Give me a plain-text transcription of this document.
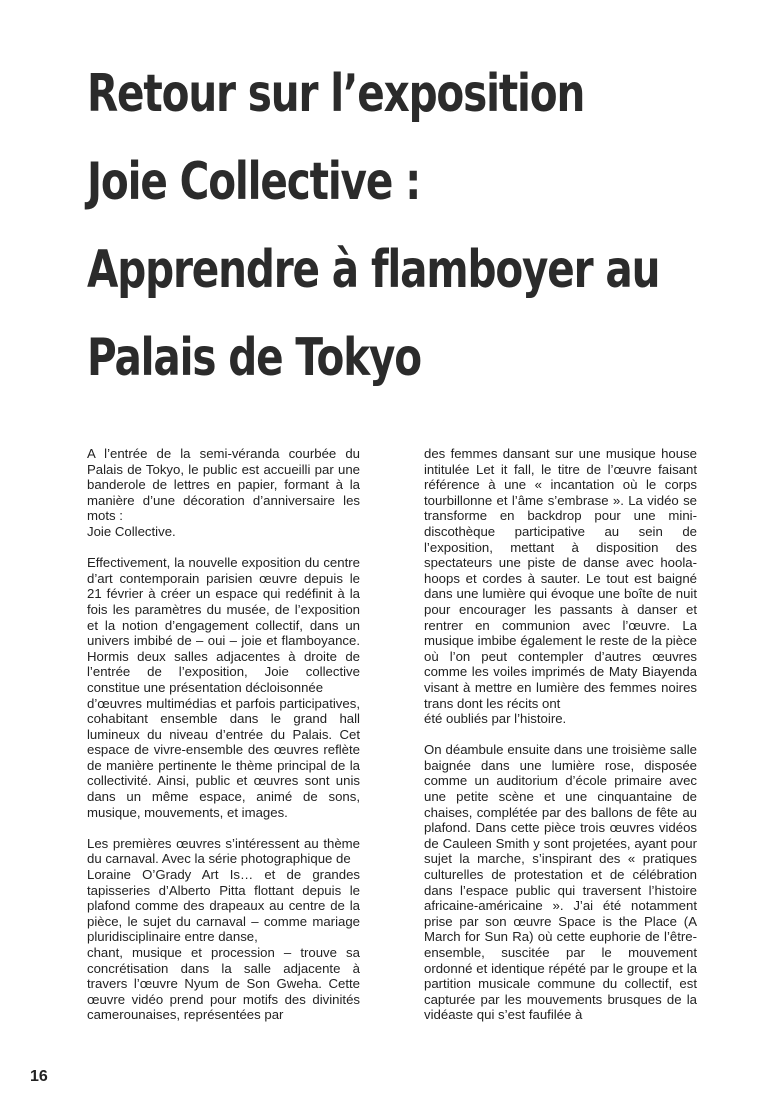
Retour sur l’exposition
Joie Collective :
Apprendre à flamboyer au
Palais de Tokyo

A l’entrée de la semi-véranda courbée du Palais de Tokyo, le public est accueilli par une banderole de lettres en papier, formant à la manière d’une décoration d’anniversaire les mots :
Joie Collective.

Effectivement, la nouvelle exposition du centre d’art contemporain parisien œuvre depuis le 21 février à créer un espace qui redéfinit à la fois les paramètres du musée, de l’exposition et la notion d’engagement collectif, dans un univers imbibé de – oui – joie et flamboyance. Hormis deux salles adjacentes à droite de l’entrée de l’exposition, Joie collective constitue une présentation décloisonnée
d’œuvres multimédias et parfois participatives, cohabitant ensemble dans le grand hall lumineux du niveau d’entrée du Palais. Cet espace de vivre-ensemble des œuvres reflète de manière pertinente le thème principal de la collectivité. Ainsi, public et œuvres sont unis dans un même espace, animé de sons, musique, mouvements, et images.

Les premières œuvres s’intéressent au thème du carnaval. Avec la série photographique de
Loraine O’Grady Art Is… et de grandes tapisseries d’Alberto Pitta flottant depuis le plafond comme des drapeaux au centre de la pièce, le sujet du carnaval – comme mariage pluridisciplinaire entre danse,
chant, musique et procession – trouve sa concrétisation dans la salle adjacente à travers l’œuvre Nyum de Son Gweha. Cette œuvre vidéo prend pour motifs des divinités camerounaises, représentées par

des femmes dansant sur une musique house intitulée Let it fall, le titre de l’œuvre faisant référence à une « incantation où le corps tourbillonne et l’âme s’embrase ». La vidéo se transforme en backdrop pour une mini-discothèque participative au sein de l’exposition, mettant à disposition des spectateurs une piste de danse avec hoola-hoops et cordes à sauter. Le tout est baigné dans une lumière qui évoque une boîte de nuit pour encourager les passants à danser et rentrer en communion avec l’œuvre. La musique imbibe également le reste de la pièce où l’on peut contempler d’autres œuvres comme les voiles imprimés de Maty Biayenda visant à mettre en lumière des femmes noires trans dont les récits ont
été oubliés par l’histoire.

On déambule ensuite dans une troisième salle baignée dans une lumière rose, disposée comme un auditorium d’école primaire avec une petite scène et une cinquantaine de chaises, complétée par des ballons de fête au plafond. Dans cette pièce trois œuvres vidéos de Cauleen Smith y sont projetées, ayant pour sujet la marche, s’inspirant des « pratiques culturelles de protestation et de célébration dans l’espace public qui traversent l’histoire africaine-américaine ». J’ai été notamment prise par son œuvre Space is the Place (A March for Sun Ra) où cette euphorie de l’être-ensemble, suscitée par le mouvement ordonné et identique répété par le groupe et la partition musicale commune du collectif, est capturée par les mouvements brusques de la vidéaste qui s’est faufilée à

16
